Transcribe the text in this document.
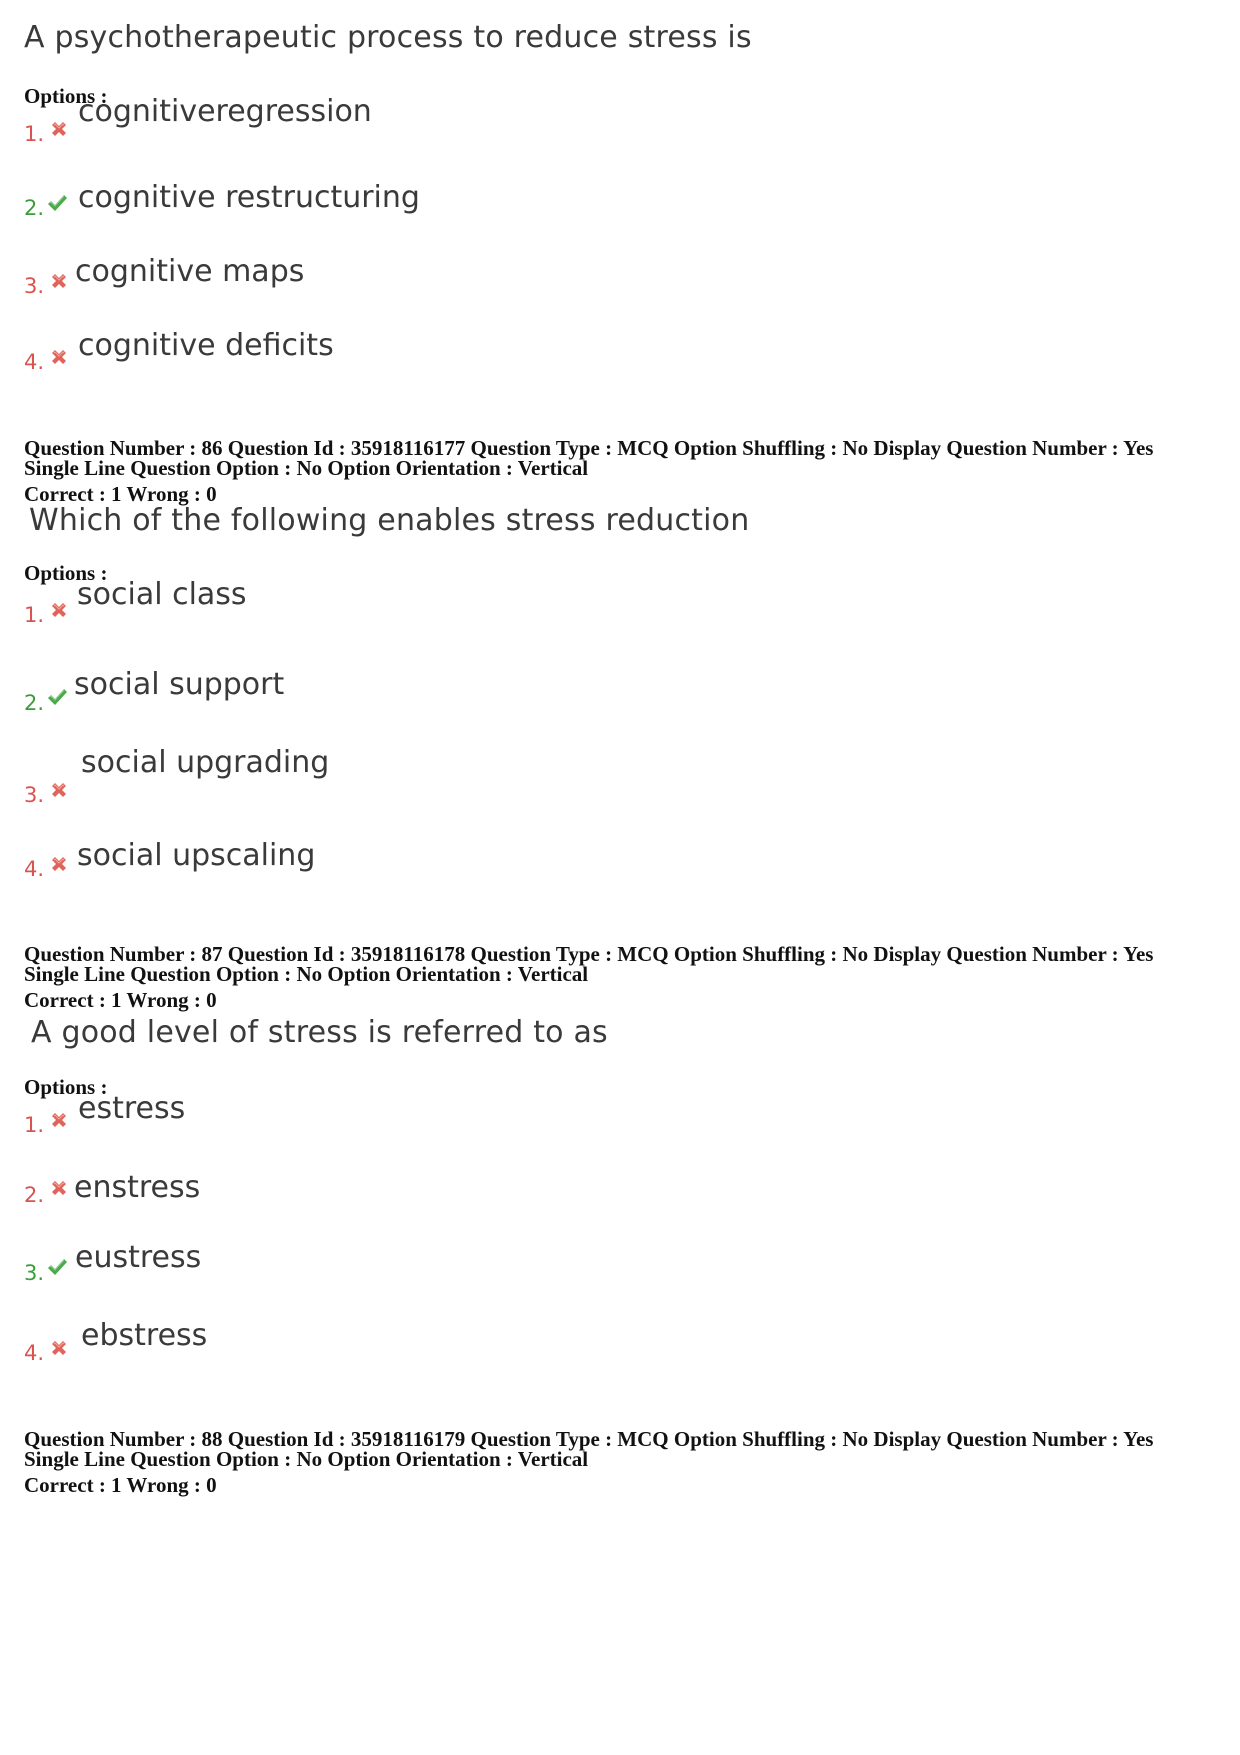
A psychotherapeutic process to reduce stress is
Options :
1.
cognitiveregression
2. cognitive restructuring
3. cognitive maps
4. cognitive deficits
Question Number : 86 Question Id : 35918116177 Question Type : MCQ Option Shuffling : No Display Question Number : Yes
Single Line Question Option : No Option Orientation : Vertical
Correct : 1 Wrong : 0
Which of the following enables stress reduction
Options :
1.
social class
2.
social support
3.
social upgrading
4. social upscaling
Question Number : 87 Question Id : 35918116178 Question Type : MCQ Option Shuffling : No Display Question Number : Yes
Single Line Question Option : No Option Orientation : Vertical
Correct : 1 Wrong : 0
A good level of stress is referred to as
Options :
1. estress
2. enstress
3. eustress
4. ebstress
Question Number : 88 Question Id : 35918116179 Question Type : MCQ Option Shuffling : No Display Question Number : Yes
Single Line Question Option : No Option Orientation : Vertical
Correct : 1 Wrong : 0
